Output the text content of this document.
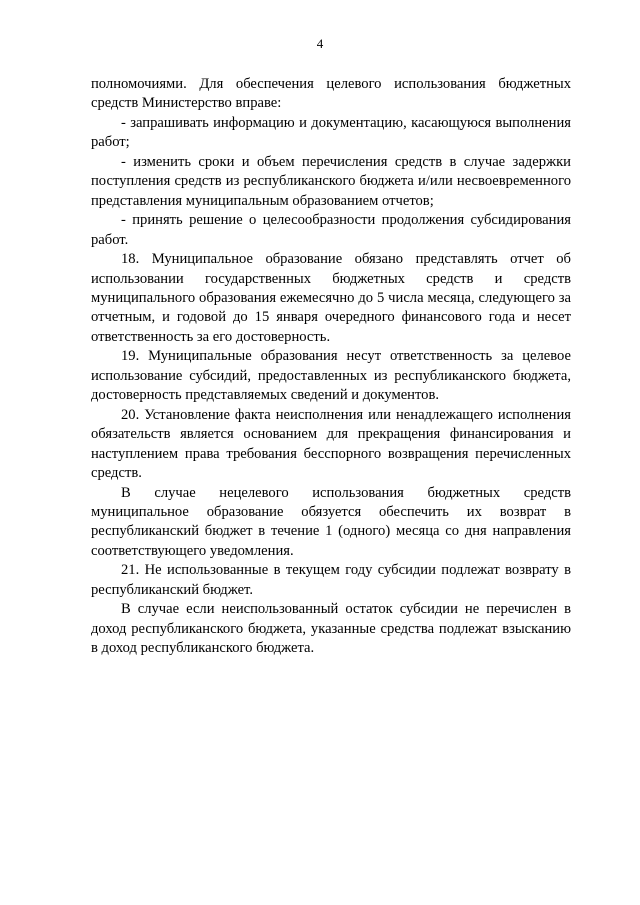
4

полномочиями. Для обеспечения целевого использования бюджетных средств Министерство вправе:

- запрашивать информацию и документацию, касающуюся выполнения работ;

- изменить сроки и объем перечисления средств в случае задержки поступления средств из республиканского бюджета и/или несвоевременного представления муниципальным образованием отчетов;

- принять решение о целесообразности продолжения субсидирования работ.

18. Муниципальное образование обязано представлять отчет об использовании государственных бюджетных средств и средств муниципального образования ежемесячно до 5 числа месяца, следующего за отчетным, и годовой до 15 января очередного финансового года и несет ответственность за его достоверность.

19. Муниципальные образования несут ответственность за целевое использование субсидий, предоставленных из республиканского бюджета, достоверность представляемых сведений и документов.

20. Установление факта неисполнения или ненадлежащего исполнения обязательств является основанием для прекращения финансирования и наступлением права требования бесспорного возвращения перечисленных средств.

В случае нецелевого использования бюджетных средств муниципальное образование обязуется обеспечить их возврат в республиканский бюджет в течение 1 (одного) месяца со дня направления соответствующего уведомления.

21. Не использованные в текущем году субсидии подлежат возврату в республиканский бюджет.

В случае если неиспользованный остаток субсидии не перечислен в доход республиканского бюджета, указанные средства подлежат взысканию в доход республиканского бюджета.
